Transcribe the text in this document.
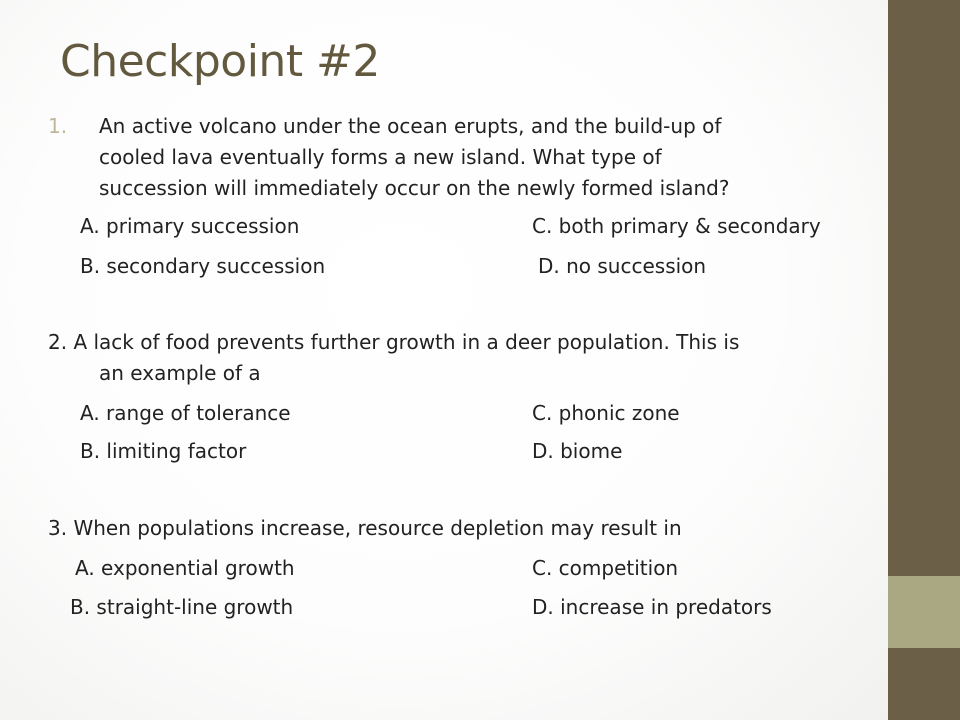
Checkpoint #2
1. An active volcano under the ocean erupts, and the build-up of
cooled lava eventually forms a new island. What type of
succession will immediately occur on the newly formed island?
A. primary succession	C. both primary & secondary
B. secondary succession	D. no succession
2. A lack of food prevents further growth in a deer population. This is
an example of a
A. range of tolerance	C. phonic zone
B. limiting factor	D. biome
3. When populations increase, resource depletion may result in
A. exponential growth	C. competition
B. straight-line growth	D. increase in predators
